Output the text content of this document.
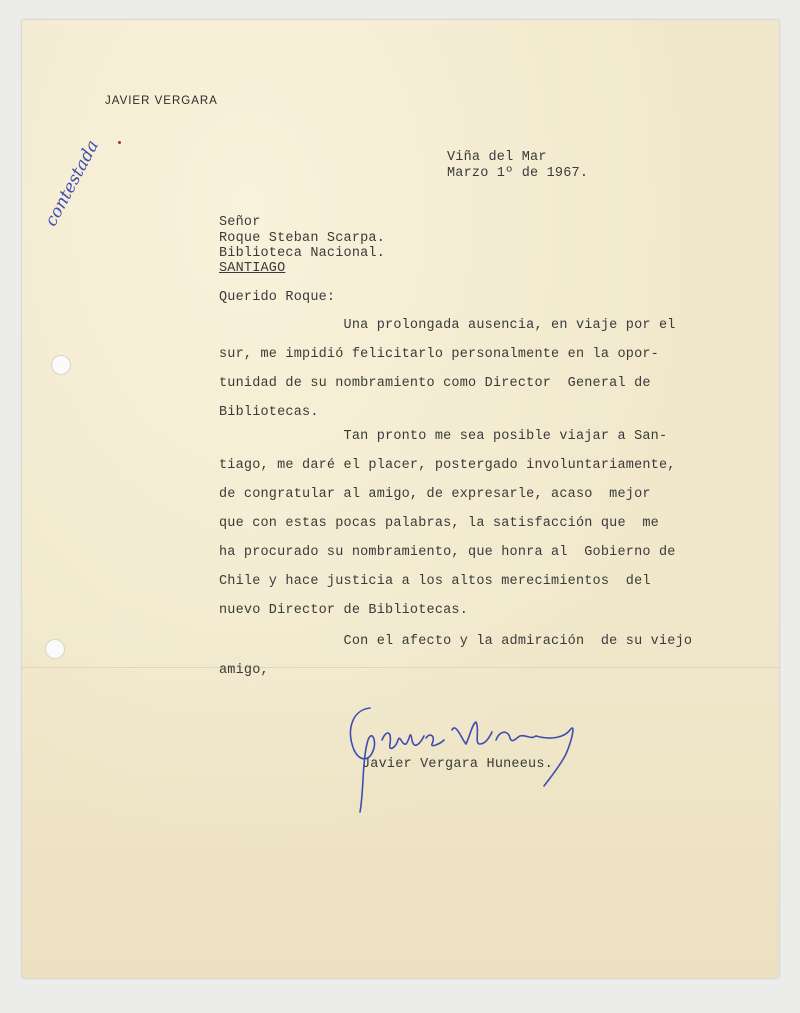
JAVIER VERGARA
contestada	Viña del Mar
Marzo 1º de 1967.
Señor
Roque Steban Scarpa.
Biblioteca Nacional.
SANTIAGO
Querido Roque:
Una prolongada ausencia, en viaje por el
sur, me impidió felicitarlo personalmente en la opor-
tunidad de su nombramiento como Director  General de
Bibliotecas.
Tan pronto me sea posible viajar a San-
tiago, me daré el placer, postergado involuntariamente,
de congratular al amigo, de expresarle, acaso  mejor
que con estas pocas palabras, la satisfacción que  me
ha procurado su nombramiento, que honra al  Gobierno de
Chile y hace justicia a los altos merecimientos  del
nuevo Director de Bibliotecas.
Con el afecto y la admiración  de su viejo
amigo,
Javier Vergara Huneeus.
